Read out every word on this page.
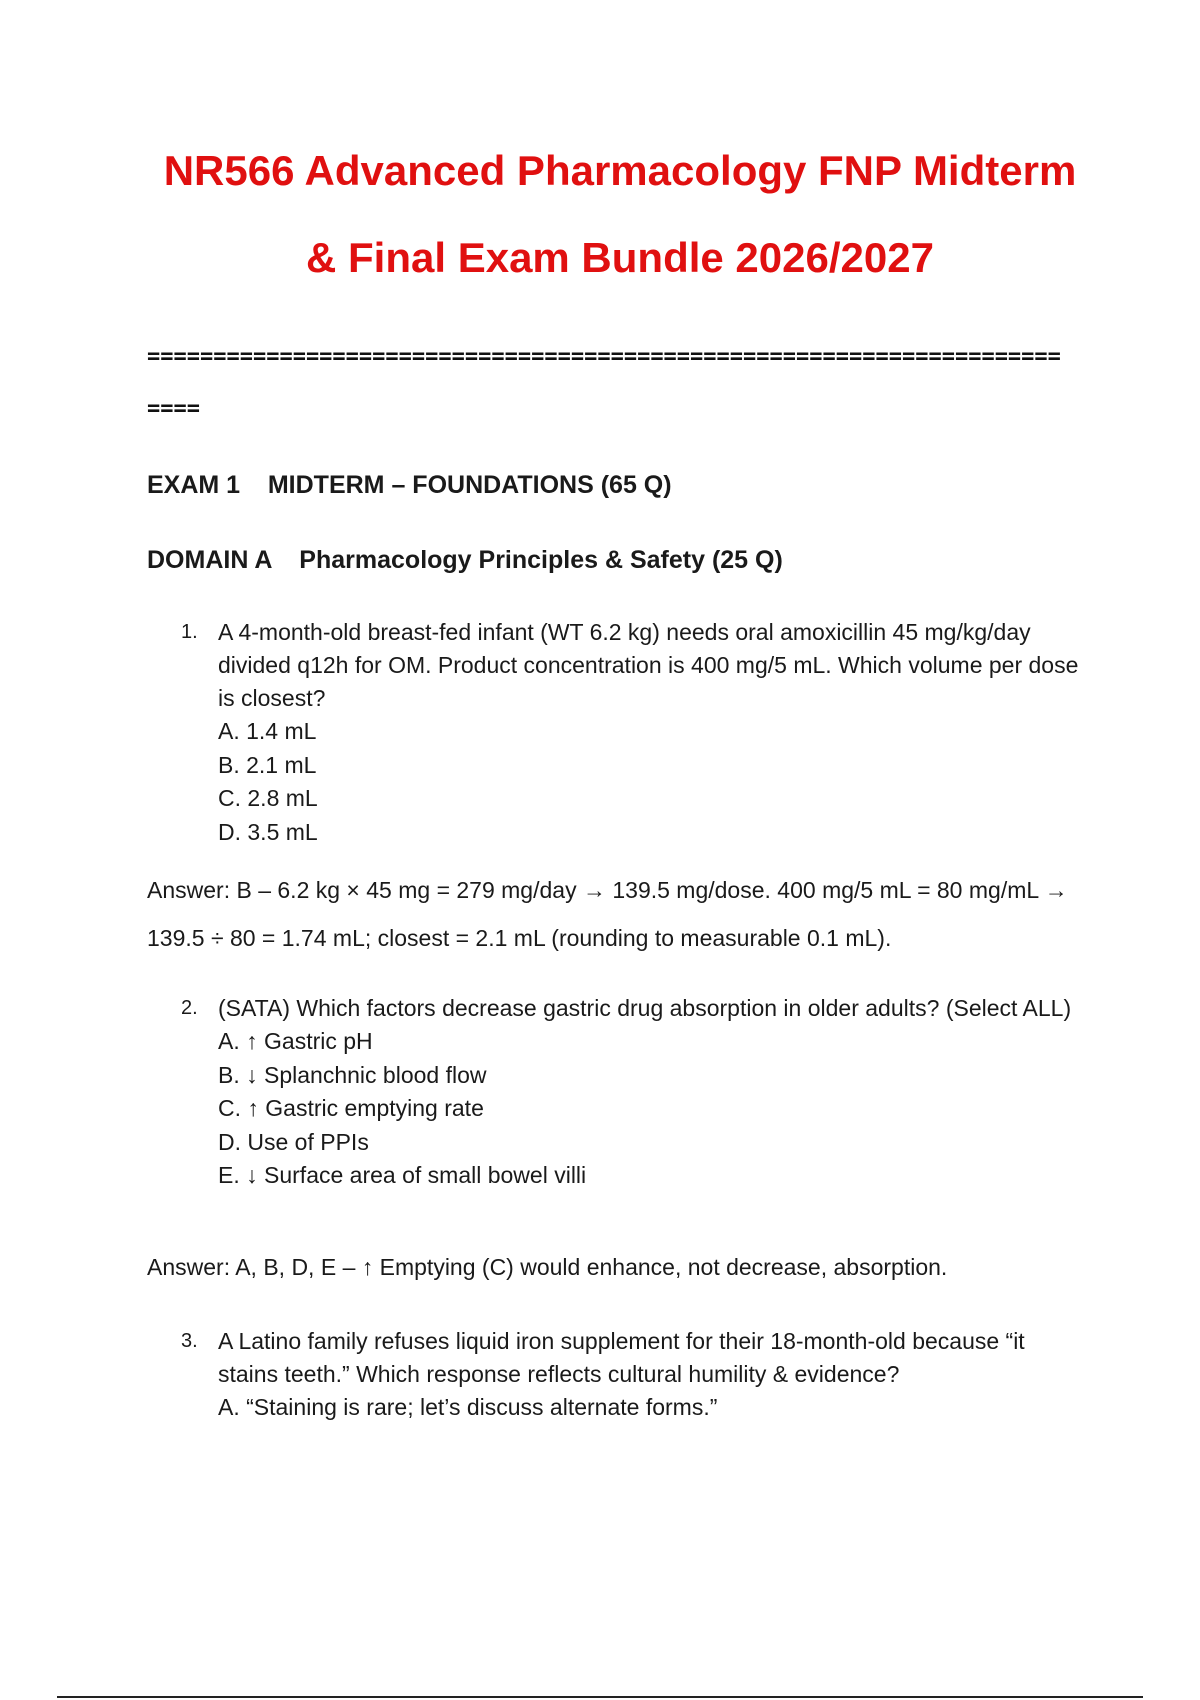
NR566 Advanced Pharmacology FNP Midterm
& Final Exam Bundle 2026/2027
=====================================================================
====
EXAM 1    MIDTERM – FOUNDATIONS (65 Q)
DOMAIN A    Pharmacology Principles & Safety (25 Q)
1. A 4-month-old breast-fed infant (WT 6.2 kg) needs oral amoxicillin 45 mg/kg/day divided q12h for OM. Product concentration is 400 mg/5 mL. Which volume per dose is closest?

A. 1.4 mL
B. 2.1 mL
C. 2.8 mL
D. 3.5 mL

Answer: B – 6.2 kg × 45 mg = 279 mg/day → 139.5 mg/dose. 400 mg/5 mL = 80 mg/mL → 139.5 ÷ 80 = 1.74 mL; closest = 2.1 mL (rounding to measurable 0.1 mL).

2. (SATA) Which factors decrease gastric drug absorption in older adults? (Select ALL)

A. ↑ Gastric pH
B. ↓ Splanchnic blood flow
C. ↑ Gastric emptying rate
D. Use of PPIs
E. ↓ Surface area of small bowel villi

Answer: A, B, D, E – ↑ Emptying (C) would enhance, not decrease, absorption.

3. A Latino family refuses liquid iron supplement for their 18-month-old because “it stains teeth.” Which response reflects cultural humility & evidence?

A. “Staining is rare; let’s discuss alternate forms.”
